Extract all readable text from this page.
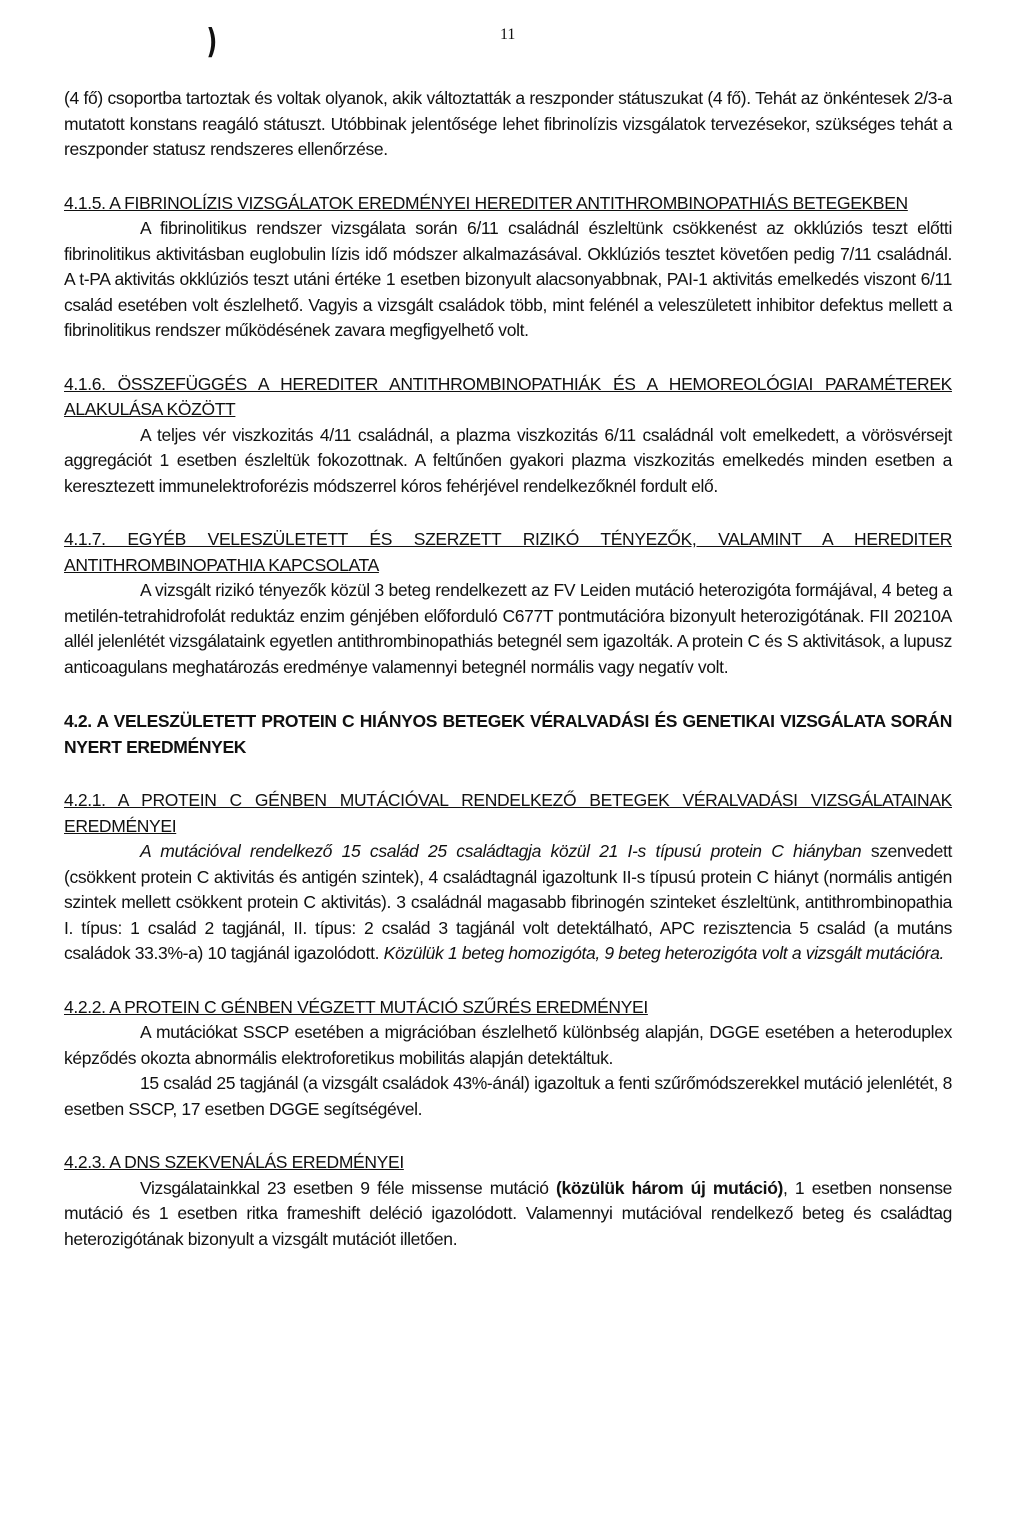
)	11

(4 fő) csoportba tartoztak és voltak olyanok, akik változtatták a reszponder státuszukat (4 fő). Tehát az önkéntesek 2/3-a mutatott konstans reagáló státuszt. Utóbbinak jelentősége lehet fibrinolízis vizsgálatok tervezésekor, szükséges tehát a reszponder statusz rendszeres ellenőrzése.

4.1.5. A FIBRINOLÍZIS VIZSGÁLATOK EREDMÉNYEI HEREDITER ANTITHROMBINOPATHIÁS BETEGEKBEN

A fibrinolitikus rendszer vizsgálata során 6/11 családnál észleltünk csökkenést az okklúziós teszt előtti fibrinolitikus aktivitásban euglobulin lízis idő módszer alkalmazásával. Okklúziós tesztet követően pedig 7/11 családnál. A t-PA aktivitás okklúziós teszt utáni értéke 1 esetben bizonyult alacsonyabbnak, PAI-1 aktivitás emelkedés viszont 6/11 család esetében volt észlelhető. Vagyis a vizsgált családok több, mint felénél a veleszületett inhibitor defektus mellett a fibrinolitikus rendszer működésének zavara megfigyelhető volt.

4.1.6. ÖSSZEFÜGGÉS A HEREDITER ANTITHROMBINOPATHIÁK ÉS A HEMOREOLÓGIAI PARAMÉTEREK ALAKULÁSA KÖZÖTT

A teljes vér viszkozitás 4/11 családnál, a plazma viszkozitás 6/11 családnál volt emelkedett, a vörösvérsejt aggregációt 1 esetben észleltük fokozottnak. A feltűnően gyakori plazma viszkozitás emelkedés minden esetben a keresztezett immunelektroforézis módszerrel kóros fehérjével rendelkezőknél fordult elő.

4.1.7. EGYÉB VELESZÜLETETT ÉS SZERZETT RIZIKÓ TÉNYEZŐK, VALAMINT A HEREDITER ANTITHROMBINOPATHIA KAPCSOLATA

A vizsgált rizikó tényezők közül 3 beteg rendelkezett az FV Leiden mutáció heterozigóta formájával, 4 beteg a metilén-tetrahidrofolát reduktáz enzim génjében előforduló C677T pontmutációra bizonyult heterozigótának. FII 20210A allél jelenlétét vizsgálataink egyetlen antithrombinopathiás betegnél sem igazolták. A protein C és S aktivitások, a lupusz anticoagulans meghatározás eredménye valamennyi betegnél normális vagy negatív volt.

4.2. A VELESZÜLETETT PROTEIN C HIÁNYOS BETEGEK VÉRALVADÁSI ÉS GENETIKAI VIZSGÁLATA SORÁN NYERT EREDMÉNYEK
4.2.1. A PROTEIN C GÉNBEN MUTÁCIÓVAL RENDELKEZŐ BETEGEK VÉRALVADÁSI VIZSGÁLATAINAK EREDMÉNYEI

A mutációval rendelkező 15 család 25 családtagja közül 21 I-s típusú protein C hiányban szenvedett (csökkent protein C aktivitás és antigén szintek), 4 családtagnál igazoltunk II-s típusú protein C hiányt (normális antigén szintek mellett csökkent protein C aktivitás). 3 családnál magasabb fibrinogén szinteket észleltünk, antithrombinopathia I. típus: 1 család 2 tagjánál, II. típus: 2 család 3 tagjánál volt detektálható, APC rezisztencia 5 család (a mutáns családok 33.3%-a) 10 tagjánál igazolódott. Közülük 1 beteg homozigóta, 9 beteg heterozigóta volt a vizsgált mutációra.

4.2.2. A PROTEIN C GÉNBEN VÉGZETT MUTÁCIÓ SZŰRÉS EREDMÉNYEI

A mutációkat SSCP esetében a migrációban észlelhető különbség alapján, DGGE esetében a heteroduplex képződés okozta abnormális elektroforetikus mobilitás alapján detektáltuk.

15 család 25 tagjánál (a vizsgált családok 43%-ánál) igazoltuk a fenti szűrőmódszerekkel mutáció jelenlétét, 8 esetben SSCP, 17 esetben DGGE segítségével.

4.2.3. A DNS SZEKVENÁLÁS EREDMÉNYEI

Vizsgálatainkkal 23 esetben 9 féle missense mutáció (közülük három új mutáció), 1 esetben nonsense mutáció és 1 esetben ritka frameshift deléció igazolódott. Valamennyi mutációval rendelkező beteg és családtag heterozigótának bizonyult a vizsgált mutációt illetően.
